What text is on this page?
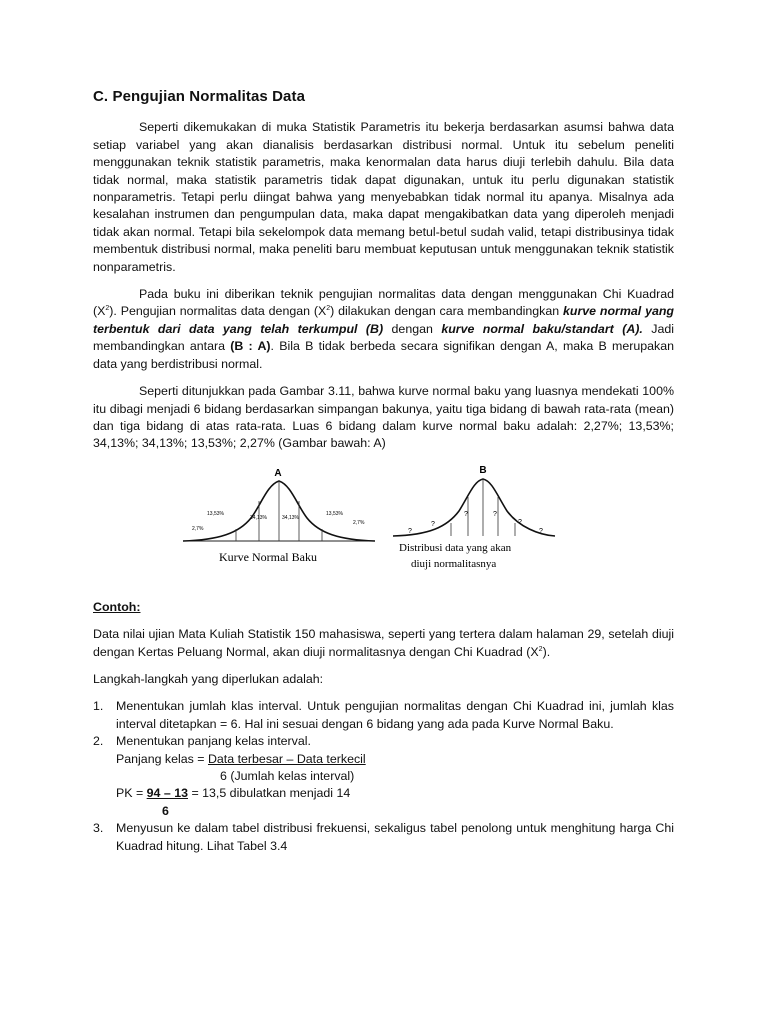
C. Pengujian Normalitas Data

Seperti dikemukakan di muka Statistik Parametris itu bekerja berdasarkan asumsi bahwa data setiap variabel yang akan dianalisis berdasarkan distribusi normal. Untuk itu sebelum peneliti menggunakan teknik statistik parametris, maka kenormalan data harus diuji terlebih dahulu. Bila data tidak normal, maka statistik parametris tidak dapat digunakan, untuk itu perlu digunakan statistik nonparametris. Tetapi perlu diingat bahwa yang menyebabkan tidak normal itu apanya. Misalnya ada kesalahan instrumen dan pengumpulan data, maka dapat mengakibatkan data yang diperoleh menjadi tidak akan normal. Tetapi bila sekelompok data memang betul-betul sudah valid, tetapi distribusinya tidak membentuk distribusi normal, maka peneliti baru membuat keputusan untuk menggunakan teknik statistik nonparametris.

Pada buku ini diberikan teknik pengujian normalitas data dengan menggunakan Chi Kuadrad $(X^2)$. Pengujian normalitas data dengan $(X^2)$ dilakukan dengan cara membandingkan kurve normal yang terbentuk dari data yang telah terkumpul (B) dengan kurve normal baku/standart (A). Jadi membandingkan antara (B : A). Bila B tidak berbeda secara signifikan dengan A, maka B merupakan data yang berdistribusi normal.

Seperti ditunjukkan pada Gambar 3.11, bahwa kurve normal baku yang luasnya mendekati 100% itu dibagi menjadi 6 bidang berdasarkan simpangan bakunya, yaitu tiga bidang di bawah rata-rata (mean) dan tiga bidang di atas rata-rata. Luas 6 bidang dalam kurve normal baku adalah: 2,27%; 13,53%; 34,13%; 34,13%; 13,53%; 2,27% (Gambar bawah: A)

A
2,7%
13,53%
34,13%	34,13%
13,53%
2,7%
Kurve Normal Baku
B
?
?
?	?
?
?
Distribusi data yang akan
diuji normalitasnya
Contoh:

Data nilai ujian Mata Kuliah Statistik 150 mahasiswa, seperti yang tertera dalam halaman 29, setelah diuji dengan Kertas Peluang Normal, akan diuji normalitasnya dengan Chi Kuadrad $(X^2)$.

Langkah-langkah yang diperlukan adalah:

1. Menentukan jumlah klas interval. Untuk pengujian normalitas dengan Chi Kuadrad ini, jumlah klas interval ditetapkan = 6. Hal ini sesuai dengan 6 bidang yang ada pada Kurve Normal Baku.
2. Menentukan panjang kelas interval.
Panjang kelas = Data terbesar – Data terkecil
6 (Jumlah kelas interval)
PK = 94 – 13 = 13,5 dibulatkan menjadi 14
6
3. Menyusun ke dalam tabel distribusi frekuensi, sekaligus tabel penolong untuk menghitung harga Chi Kuadrad hitung. Lihat Tabel 3.4
